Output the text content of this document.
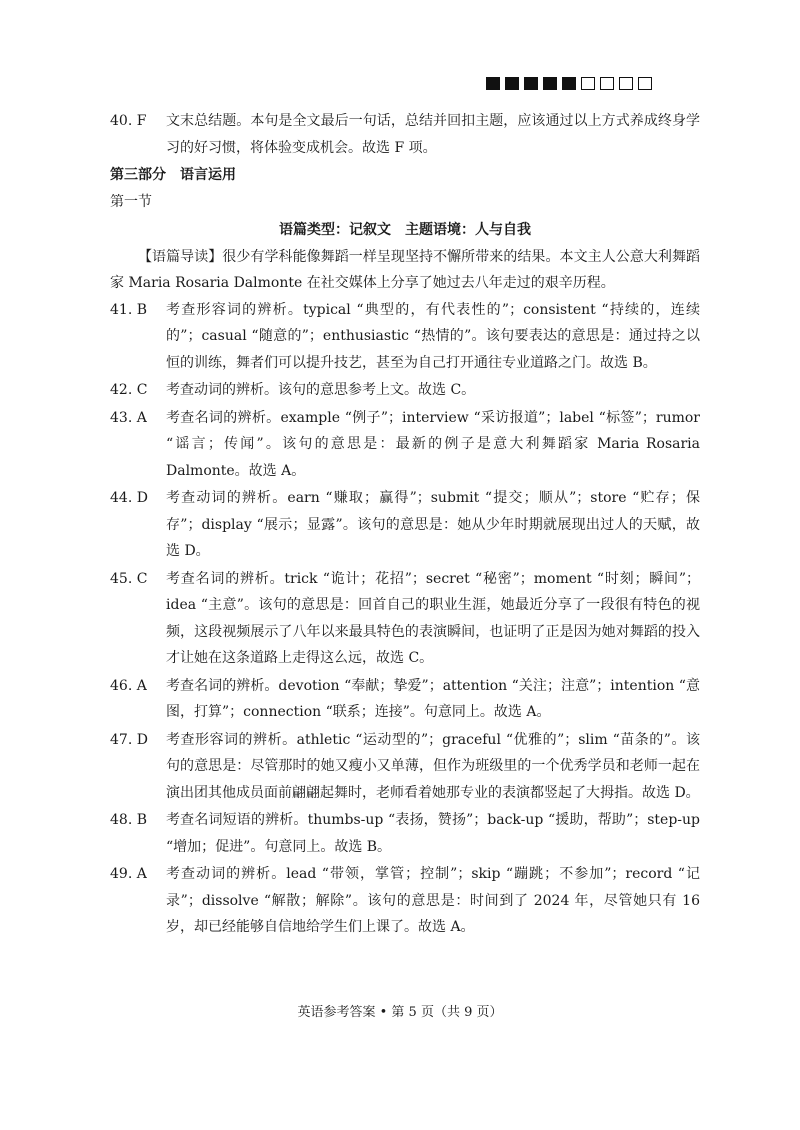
40. F	文末总结题。本句是全文最后一句话，总结并回扣主题，应该通过以上方式养成终身学习的好习惯，将体验变成机会。故选 F 项。
第三部分　语言运用
第一节
语篇类型：记叙文　主题语境：人与自我
【语篇导读】很少有学科能像舞蹈一样呈现坚持不懈所带来的结果。本文主人公意大利舞蹈家 Maria Rosaria Dalmonte 在社交媒体上分享了她过去八年走过的艰辛历程。
41. B	考查形容词的辨析。typical “典型的，有代表性的”；consistent “持续的，连续的”；casual “随意的”；enthusiastic “热情的”。该句要表达的意思是：通过持之以恒的训练，舞者们可以提升技艺，甚至为自己打开通往专业道路之门。故选 B。
42. C	考查动词的辨析。该句的意思参考上文。故选 C。
43. A	考查名词的辨析。example “例子”；interview “采访报道”；label “标签”；rumor “谣言；传闻”。该句的意思是：最新的例子是意大利舞蹈家 Maria Rosaria Dalmonte。故选 A。
44. D	考查动词的辨析。earn “赚取；赢得”；submit “提交；顺从”；store “贮存；保存”；display “展示；显露”。该句的意思是：她从少年时期就展现出过人的天赋，故选 D。
45. C	考查名词的辨析。trick “诡计；花招”；secret “秘密”；moment “时刻；瞬间”；idea “主意”。该句的意思是：回首自己的职业生涯，她最近分享了一段很有特色的视频，这段视频展示了八年以来最具特色的表演瞬间，也证明了正是因为她对舞蹈的投入才让她在这条道路上走得这么远，故选 C。
46. A	考查名词的辨析。devotion “奉献；挚爱”；attention “关注；注意”；intention “意图，打算”；connection “联系；连接”。句意同上。故选 A。
47. D	考查形容词的辨析。athletic “运动型的”；graceful “优雅的”；slim “苗条的”。该句的意思是：尽管那时的她又瘦小又单薄，但作为班级里的一个优秀学员和老师一起在演出团其他成员面前翩翩起舞时，老师看着她那专业的表演都竖起了大拇指。故选 D。
48. B	考查名词短语的辨析。thumbs-up “表扬，赞扬”；back-up “援助，帮助”；step-up “增加；促进”。句意同上。故选 B。
49. A	考查动词的辨析。lead “带领，掌管；控制”；skip “蹦跳；不参加”；record “记录”；dissolve “解散；解除”。该句的意思是：时间到了 2024 年，尽管她只有 16 岁，却已经能够自信地给学生们上课了。故选 A。
英语参考答案 • 第 5 页（共 9 页）
